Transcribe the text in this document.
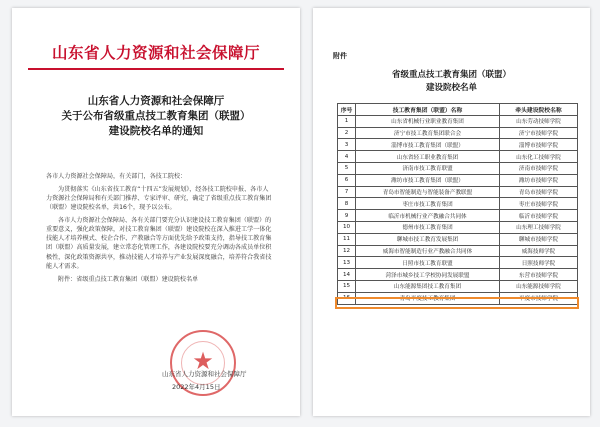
山东省人力资源和社会保障厅
山东省人力资源和社会保障厅
关于公布省级重点技工教育集团（联盟）
建设院校名单的通知

各市人力资源社会保障局，有关部门，各技工院校：

为贯彻落实《山东省技工教育“十四五”发展规划》，经各技工院校申报、各市人力资源社会保障局和有关部门推荐、专家评审、研究，确定了省级重点技工教育集团（联盟）建设院校名单，共16个，现予以公布。

各市人力资源社会保障局、各有关部门要充分认识建设技工教育集团（联盟）的重要意义，强化政策保障，对技工教育集团（联盟）建设院校在深入推进工学一体化技能人才培养模式、校企合作、产教融合等方面优先给予政策支持，指导技工教育集团（联盟）高质量发展，建立常态化管理工作，各建设院校要充分调动各成员单位积极性，深化政策资源共享，推动技能人才培养与产业发展深度融合，培养符合我省技能人才需求。

附件：省级重点技工教育集团（联盟）建设院校名单

★
山东省人力资源和社会保障厅
2022年4月15日
附件
省级重点技工教育集团（联盟）
建设院校名单
序号	技工教育集团（联盟）名称	牵头建设院校名称
1	山东省机械行业职业教育集团	山东劳动技师学院
2	济宁市技工教育集团联合会	济宁市技师学院
3	淄博市技工教育集团（联盟）	淄博市技师学院
4	山东省轻工职业教育集团	山东化工技师学院
5	济南市技工教育联盟	济南市技师学院
6	潍坊市技工教育集团（联盟）	潍坊市技师学院
7	青岛市智能制造与智能装备产教联盟	青岛市技师学院
8	枣庄市技工教育集团	枣庄市技师学院
9	临沂市机械行业产教融合共同体	临沂市技师学院
10	德州市技工教育集团	山东理工技师学院
11	聊城市技工教育发展集团	聊城市技师学院
12	威海市智能制造行业产教融合共同体	威海技师学院
13	日照市技工教育联盟	日照技师学院
14	菏泽市城乡技工学校协同发展联盟	东营市技师学院
15	山东能源集团技工教育集团	山东能源技师学院
16	青岛平度技工教育集团	平度市技师学院
